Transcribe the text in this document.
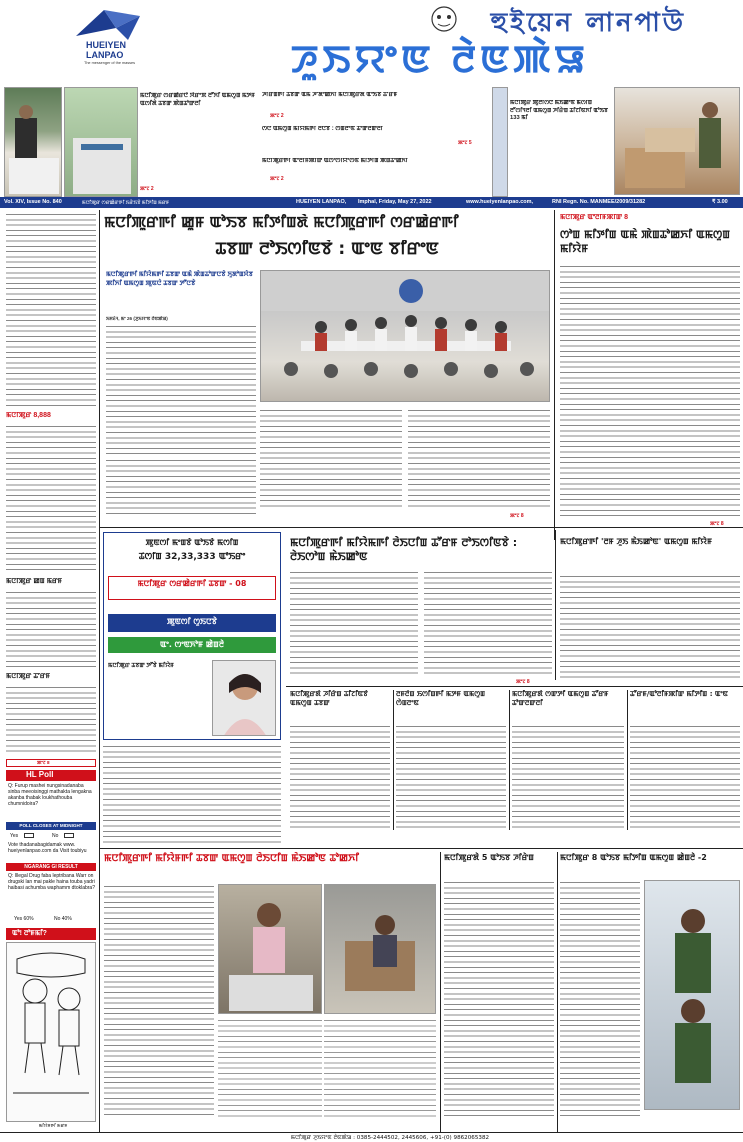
HUEIYEN
LANPAO
The messenger of the masses
হুইয়েন লানপাউ
ꯍꯨꯏꯌꯦꯟ ꯂꯥꯟꯄꯥꯎ
ꯃꯅꯤꯄꯨꯔ ꯁꯔꯀꯥꯔꯅꯥ ꯋꯥꯔꯦꯞ ꯂꯧꯈꯤ ꯑꯃꯁꯨꯡ ꯃꯇꯝ ꯑꯁꯤꯗꯥ ꯊꯕꯛ ꯄꯥꯡꯊꯣꯛꯂꯤ
ꯄꯦꯖ 2
ꯍꯤꯔꯥꯡꯒꯤ ꯊꯕꯛ ꯑꯃꯥ ꯍꯧꯗꯣꯀꯈꯤ ꯃꯅꯤꯄꯨꯔꯗꯥ ꯑꯣꯏꯕ ꯊꯧꯔꯝ
ꯄꯦꯖ 2
ꯁꯅꯥ ꯑꯃꯁꯨꯡ ꯃꯤꯌꯥꯃꯒꯤ ꯂꯩꯅꯕꯥ : ꯁꯥꯡꯂꯦꯟ ꯊꯣꯛꯂꯛꯂꯤ
ꯄꯦꯖ 5
ꯃꯅꯤꯄꯨꯔꯒꯤ ꯑꯣꯂꯤꯝꯄꯤꯛ ꯑꯁꯣꯁꯤꯌꯦꯁꯟ ꯃꯤꯇꯤꯡ ꯄꯥꯡꯊꯣꯀꯈꯤ
ꯄꯦꯖ 2
ꯃꯅꯤꯄꯨꯔ ꯄꯨꯂꯤꯁꯅꯥ ꯃꯥꯏꯀꯣꯟ ꯃꯁꯤꯡ ꯂꯧꯁꯤꯜꯂꯤ ꯑꯃꯁꯨꯡ ꯍꯤꯔꯥꯡ ꯊꯤꯖꯤꯟꯈꯤ ꯑꯣꯏꯕ 133 ꯃꯤ
Vol. XIV, Issue No. 840	ꯃꯅꯤꯄꯨꯔ ꯁꯔꯀꯥꯔꯒꯤ ꯏꯔꯥꯏꯕꯥ ꯃꯤꯇꯤꯡ ꯃꯔꯝ	HUEIYEN LANPAO, Imphal, Friday, May 27, 2022	www.hueiyenlanpao.com,	RNI Regn. No. MANMEE/2009/31282	₹ 3.00
ꯃꯅꯤꯄꯨꯔ 8,888
ꯃꯅꯤꯄꯨꯔ ꯀꯥꯡ ꯃꯔꯝ
ꯃꯅꯤꯄꯨꯔ ꯊꯧꯔꯝ
ꯄꯦꯖ 8
HL Poll
Q: Furup mashei nungsinadanaba sinba meeoisinggi mathakta lengakna akanba thabak loukhathouba chumnidoira?
POLL CLOSES AT MIDNIGHT
Yes	No
Vote thadanabagidamak www. hueiyenlanpao.com da Visit toubiyu
NGARANG GI RESULT
Q: Illegal Drug faba leptribana Warr on drugski lan mai pakle haina touba yadri haibasi achumba waphamm dtoklabra?
Yes 60%	No 40%
ꯑꯣ! ꯂꯣꯝꯃꯤ?
ꯃꯤꯌꯥꯝꯒꯤ ꯃꯔꯝ
ꯃꯅꯤꯄꯨꯔꯒꯤ ꯀꯨꯝ ꯑꯣꯏꯕ ꯃꯤꯇꯤꯡꯗꯥ ꯃꯅꯤꯄꯨꯔꯒꯤ ꯁꯔꯀꯥꯔꯒꯤ
ꯊꯕꯛ ꯂꯣꯏꯁꯤꯟꯕꯥ : ꯑꯦꯟ ꯕꯤꯔꯦꯟ
ꯃꯅꯤꯄꯨꯔꯒꯤ ꯃꯤꯌꯥꯃꯒꯤ ꯊꯕꯛ ꯑꯃꯥ ꯄꯥꯡꯊꯣꯛꯅꯕꯥ ꯈꯨꯗꯣꯡꯆꯥꯕ ꯄꯤꯈꯤ ꯑꯃꯁꯨꯡ ꯄꯨꯟꯅꯥ ꯊꯕꯛ ꯇꯧꯅꯕꯥ
ꯏꯝꯐꯥꯜ, ꯃꯦ 26 (ꯍꯨꯏꯌꯦꯟ ꯂꯥꯟꯄꯥꯎ)
ꯄꯦꯖ 8
ꯃꯅꯤꯄꯨꯔ ꯑꯣꯂꯤꯝꯄꯤꯛ 8
ꯁꯣꯡ ꯃꯤꯇꯤꯡ ꯑꯃꯥ ꯄꯥꯡꯊꯣꯀꯈꯤ ꯑꯃꯁꯨꯡ ꯃꯤꯌꯥꯝ
ꯄꯦꯖ 8
ꯄꯨꯟꯁꯤ ꯃꯦꯡꯕꯥ ꯑꯣꯏꯕꯥ ꯃꯁꯤꯡ
ꯊꯥꯁꯤꯡ 32,33,333 ꯑꯣꯏꯔꯦ
ꯃꯅꯤꯄꯨꯔ ꯁꯔꯀꯥꯔꯒꯤ ꯊꯕꯛ - 08
ꯄꯨꯟꯁꯤ ꯁꯨꯏꯅꯕꯥ
ꯑꯦ. ꯁꯦꯟꯈꯣꯝ ꯀꯥꯡꯂꯥ
ꯃꯅꯤꯄꯨꯔ ꯊꯕꯛ ꯇꯧꯕꯥ ꯃꯤꯌꯥꯝ
ꯃꯅꯤꯄꯨꯔꯒꯤ ꯃꯤꯌꯥꯃꯒꯤ ꯂꯥꯏꯅꯤꯡ ꯊꯧꯔꯝ ꯂꯣꯏꯁꯤꯟꯕꯥ : ꯂꯥꯏꯁꯣꯡ ꯃꯥꯏꯀꯣꯟ
ꯄꯦꯖ 8
ꯃꯅꯤꯄꯨꯔꯒꯤ 'ꯂꯝ ꯍꯨꯏ ꯃꯥꯏꯀꯣꯟ' ꯑꯃꯁꯨꯡ ꯃꯤꯌꯥꯝ
ꯃꯅꯤꯄꯨꯔꯗꯥ ꯍꯤꯔꯥꯡ ꯊꯤꯖꯤꯟꯕꯥ ꯑꯃꯁꯨꯡ ꯊꯕꯛ
ꯂꯝꯂꯥꯡ ꯏꯁꯤꯡꯒꯤ ꯃꯇꯝ ꯑꯃꯁꯨꯡ ꯁꯥꯡꯂꯦꯟ
ꯃꯅꯤꯄꯨꯔꯗꯥ ꯁꯛꯇꯤ ꯑꯃꯁꯨꯡ ꯊꯧꯔꯝ ꯊꯣꯛꯂꯛꯂꯤ
ꯊꯧꯔꯝ/ꯑꯣꯂꯤꯝꯄꯤꯛ ꯃꯤꯇꯤꯡ : ꯑꯦꯟ
ꯃꯅꯤꯄꯨꯔꯒꯤ ꯃꯤꯌꯥꯝꯒꯤ ꯊꯕꯛ ꯑꯃꯁꯨꯡ ꯂꯥꯏꯅꯤꯡ ꯃꯥꯏꯀꯣꯟ ꯊꯣꯀꯈꯤ	ꯃꯅꯤꯄꯨꯔꯗꯥ 5 ꯑꯣꯏꯕ ꯍꯤꯔꯥꯡ	ꯃꯅꯤꯄꯨꯔ 8 ꯑꯣꯏꯕ ꯃꯤꯇꯤꯡ ꯑꯃꯁꯨꯡ ꯀꯥꯡꯂꯥ -2
ꯃꯅꯤꯄꯨꯔ ꯍꯨꯏꯌꯦꯟ ꯂꯥꯟꯄꯥꯎ : 0385-2444502, 2445606, +91-(0) 9862065382
